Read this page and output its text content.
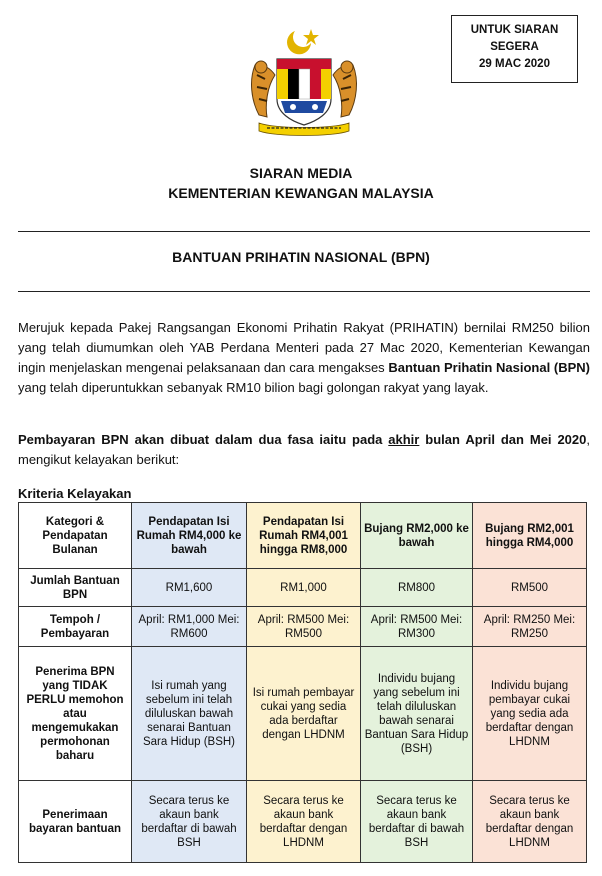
UNTUK SIARAN
SEGERA
29 MAC 2020
SIARAN MEDIA
KEMENTERIAN KEWANGAN MALAYSIA
BANTUAN PRIHATIN NASIONAL (BPN)
Merujuk kepada Pakej Rangsangan Ekonomi Prihatin Rakyat (PRIHATIN) bernilai RM250 bilion yang telah diumumkan oleh YAB Perdana Menteri pada 27 Mac 2020, Kementerian Kewangan ingin menjelaskan mengenai pelaksanaan dan cara mengakses Bantuan Prihatin Nasional (BPN) yang telah diperuntukkan sebanyak RM10 bilion bagi golongan rakyat yang layak.
Pembayaran BPN akan dibuat dalam dua fasa iaitu pada akhir bulan April dan Mei 2020, mengikut kelayakan berikut:
Kriteria Kelayakan
Kategori & Pendapatan Bulanan	Pendapatan Isi Rumah RM4,000 ke bawah	Pendapatan Isi Rumah RM4,001 hingga RM8,000	Bujang RM2,000 ke bawah	Bujang RM2,001 hingga RM4,000
Jumlah Bantuan BPN	RM1,600	RM1,000	RM800	RM500
Tempoh / Pembayaran	April: RM1,000 Mei: RM600	April: RM500 Mei: RM500	April: RM500 Mei: RM300	April: RM250 Mei: RM250
Penerima BPN yang TIDAK PERLU memohon atau mengemukakan permohonan baharu	Isi rumah yang sebelum ini telah diluluskan bawah senarai Bantuan Sara Hidup (BSH)	Isi rumah pembayar cukai yang sedia ada berdaftar dengan LHDNM	Individu bujang yang sebelum ini telah diluluskan bawah senarai Bantuan Sara Hidup (BSH)	Individu bujang pembayar cukai yang sedia ada berdaftar dengan LHDNM
Penerimaan bayaran bantuan	Secara terus ke akaun bank berdaftar di bawah BSH	Secara terus ke akaun bank berdaftar dengan LHDNM	Secara terus ke akaun bank berdaftar di bawah BSH	Secara terus ke akaun bank berdaftar dengan LHDNM
